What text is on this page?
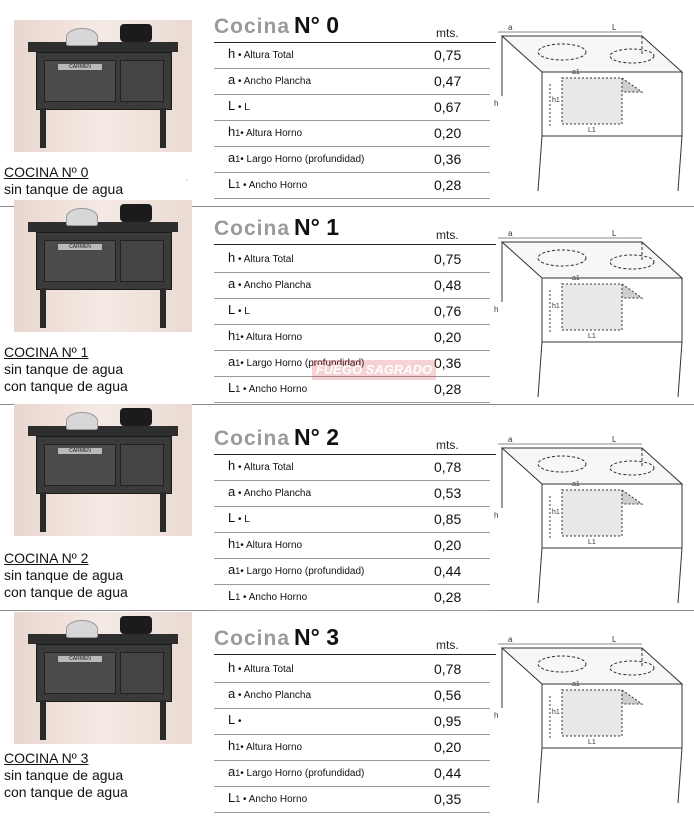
CARMEN
COCINA Nº 0
sin tanque de agua
Cocina N° 0	mts.
h • Altura Total	0,75
a • Ancho Plancha	0,47
L • L	0,67
h1• Altura Horno	0,20
a1• Largo Horno (profundidad)	0,36
L1 • Ancho Horno	0,28
a	L
h	h1
a1
L1
CARMEN
COCINA Nº 1
sin tanque de agua
con tanque de agua
Cocina N° 1	mts.
h • Altura Total	0,75
a • Ancho Plancha	0,48
L • L	0,76
h1• Altura Horno	0,20
a1• Largo Horno (profundidad)	0,36
L1 • Ancho Horno	0,28
a	L
h	h1
a1
L1
CARMEN
COCINA Nº 2
sin tanque de agua
con tanque de agua
Cocina N° 2	mts.
h • Altura Total	0,78
a • Ancho Plancha	0,53
L • L	0,85
h1• Altura Horno	0,20
a1• Largo Horno (profundidad)	0,44
L1 • Ancho Horno	0,28
a	L
h	h1
a1
L1
CARMEN
COCINA Nº 3
sin tanque de agua
con tanque de agua
Cocina N° 3	mts.
h • Altura Total	0,78
a • Ancho Plancha	0,56
L •	0,95
h1• Altura Horno	0,20
a1• Largo Horno (profundidad)	0,44
L1 • Ancho Horno	0,35
a	L
h	h1
a1
L1
FUEGO SAGRADO
